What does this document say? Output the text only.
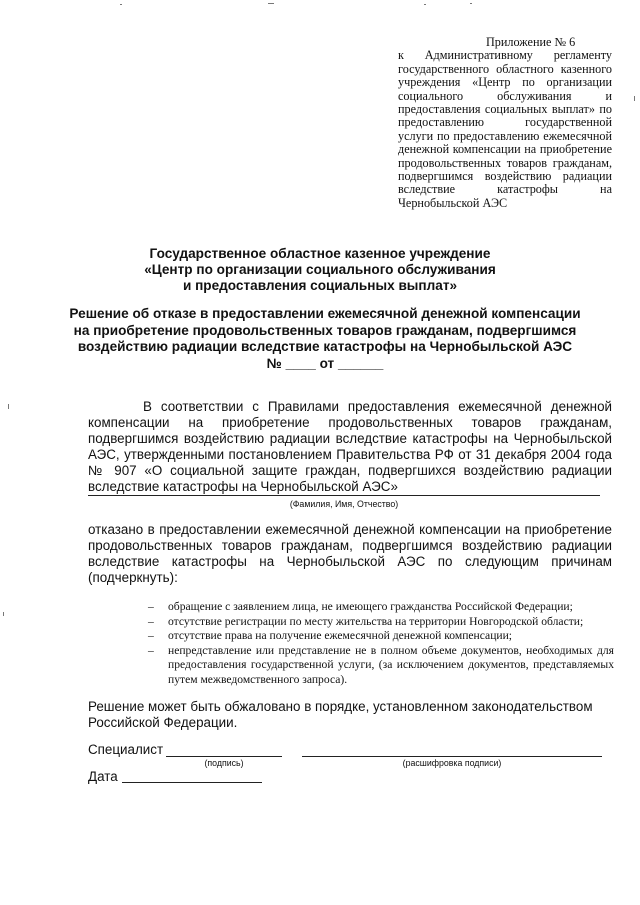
Приложение № 6
к Административному регламенту государственного областного казенного учреждения «Центр по организации социального обслуживания и предоставления социальных выплат» по предоставлению государственной услуги по предоставлению ежемесячной денежной компенсации на приобретение продовольственных товаров гражданам, подвергшимся воздействию радиации вследствие катастрофы на Чернобыльской АЭС
Государственное областное казенное учреждение
«Центр по организации социального обслуживания
и предоставления социальных выплат»
Решение об отказе в предоставлении ежемесячной денежной компенсации на приобретение продовольственных товаров гражданам, подвергшимся воздействию радиации вследствие катастрофы на Чернобыльской АЭС
№ ____ от ______
В соответствии с Правилами предоставления ежемесячной денежной компенсации на приобретение продовольственных товаров гражданам, подвергшимся воздействию радиации вследствие катастрофы на Чернобыльской АЭС, утвержденными постановлением Правительства РФ от 31 декабря 2004 года № 907 «О социальной защите граждан, подвергшихся воздействию радиации вследствие катастрофы на Чернобыльской АЭС»
(Фамилия, Имя, Отчество)
отказано в предоставлении ежемесячной денежной компенсации на приобретение продовольственных товаров гражданам, подвергшимся воздействию радиации вследствие катастрофы на Чернобыльской АЭС по следующим причинам (подчеркнуть):
– обращение с заявлением лица, не имеющего гражданства Российской Федерации;
– отсутствие регистрации по месту жительства на территории Новгородской области;
– отсутствие права на получение ежемесячной денежной компенсации;
– непредставление или представление не в полном объеме документов, необходимых для предоставления государственной услуги, (за исключением документов, представляемых путем межведомственного запроса).
Решение может быть обжаловано в порядке, установленном законодательством Российской Федерации.
Специалист
(подпись)	(расшифровка подписи)
Дата
